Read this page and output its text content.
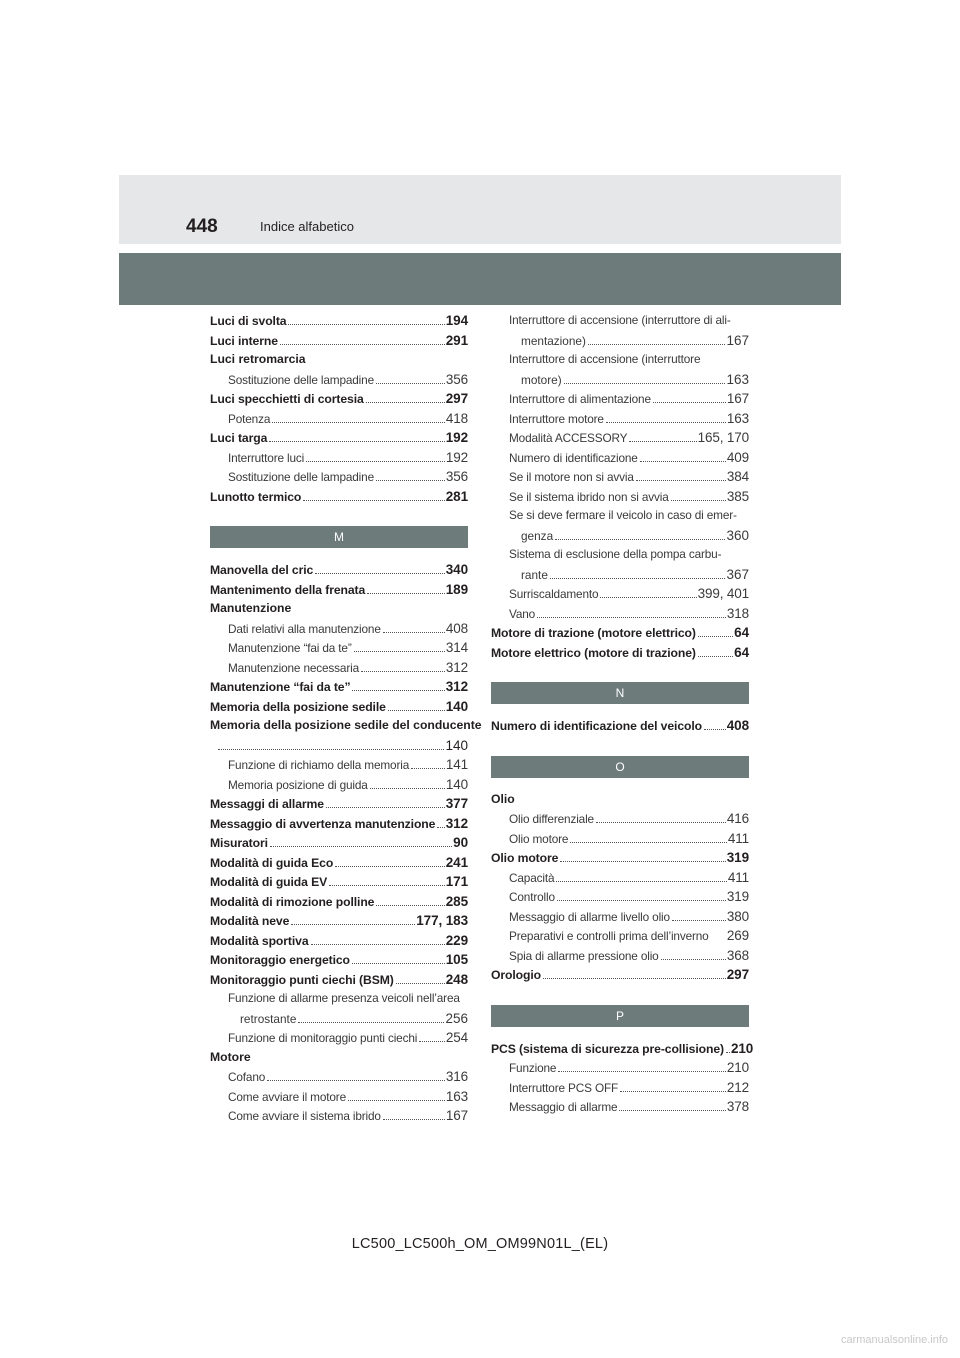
448	Indice alfabetico
Luci di svolta	194
Luci interne	291
Luci retromarcia
Sostituzione delle lampadine	356
Luci specchietti di cortesia	297
Potenza	418
Luci targa	192
Interruttore luci	192
Sostituzione delle lampadine	356
Lunotto termico	281
M
Manovella del cric	340
Mantenimento della frenata	189
Manutenzione
Dati relativi alla manutenzione	408
Manutenzione “fai da te”	314
Manutenzione necessaria	312
Manutenzione “fai da te”	312
Memoria della posizione sedile	140
Memoria della posizione sedile del conducente
140
Funzione di richiamo della memoria	141
Memoria posizione di guida	140
Messaggi di allarme	377
Messaggio di avvertenza manutenzione 312
Misuratori	90
Modalità di guida Eco	241
Modalità di guida EV	171
Modalità di rimozione polline	285
Modalità neve	177, 183
Modalità sportiva	229
Monitoraggio energetico	105
Monitoraggio punti ciechi (BSM)	248
Funzione di allarme presenza veicoli nell’area
retrostante	256
Funzione di monitoraggio punti ciechi 254
Motore
Cofano	316
Come avviare il motore	163
Come avviare il sistema ibrido	167
Interruttore di accensione (interruttore di ali-
mentazione)	167
Interruttore di accensione (interruttore
motore)	163
Interruttore di alimentazione	167
Interruttore motore	163
Modalità ACCESSORY	165, 170
Numero di identificazione	409
Se il motore non si avvia	384
Se il sistema ibrido non si avvia	385
Se si deve fermare il veicolo in caso di emer-
genza	360
Sistema di esclusione della pompa carbu-
rante	367
Surriscaldamento	399, 401
Vano	318
Motore di trazione (motore elettrico)	64
Motore elettrico (motore di trazione)	64
N
Numero di identificazione del veicolo 408
O
Olio
Olio differenziale	416
Olio motore	411
Olio motore	319
Capacità	411
Controllo	319
Messaggio di allarme livello olio	380
Preparativi e controlli prima dell’inverno 269
Spia di allarme pressione olio	368
Orologio	297
P
PCS (sistema di sicurezza pre-collisione) 210
Funzione	210
Interruttore PCS OFF	212
Messaggio di allarme	378
LC500_LC500h_OM_OM99N01L_(EL)
carmanualsonline.info
